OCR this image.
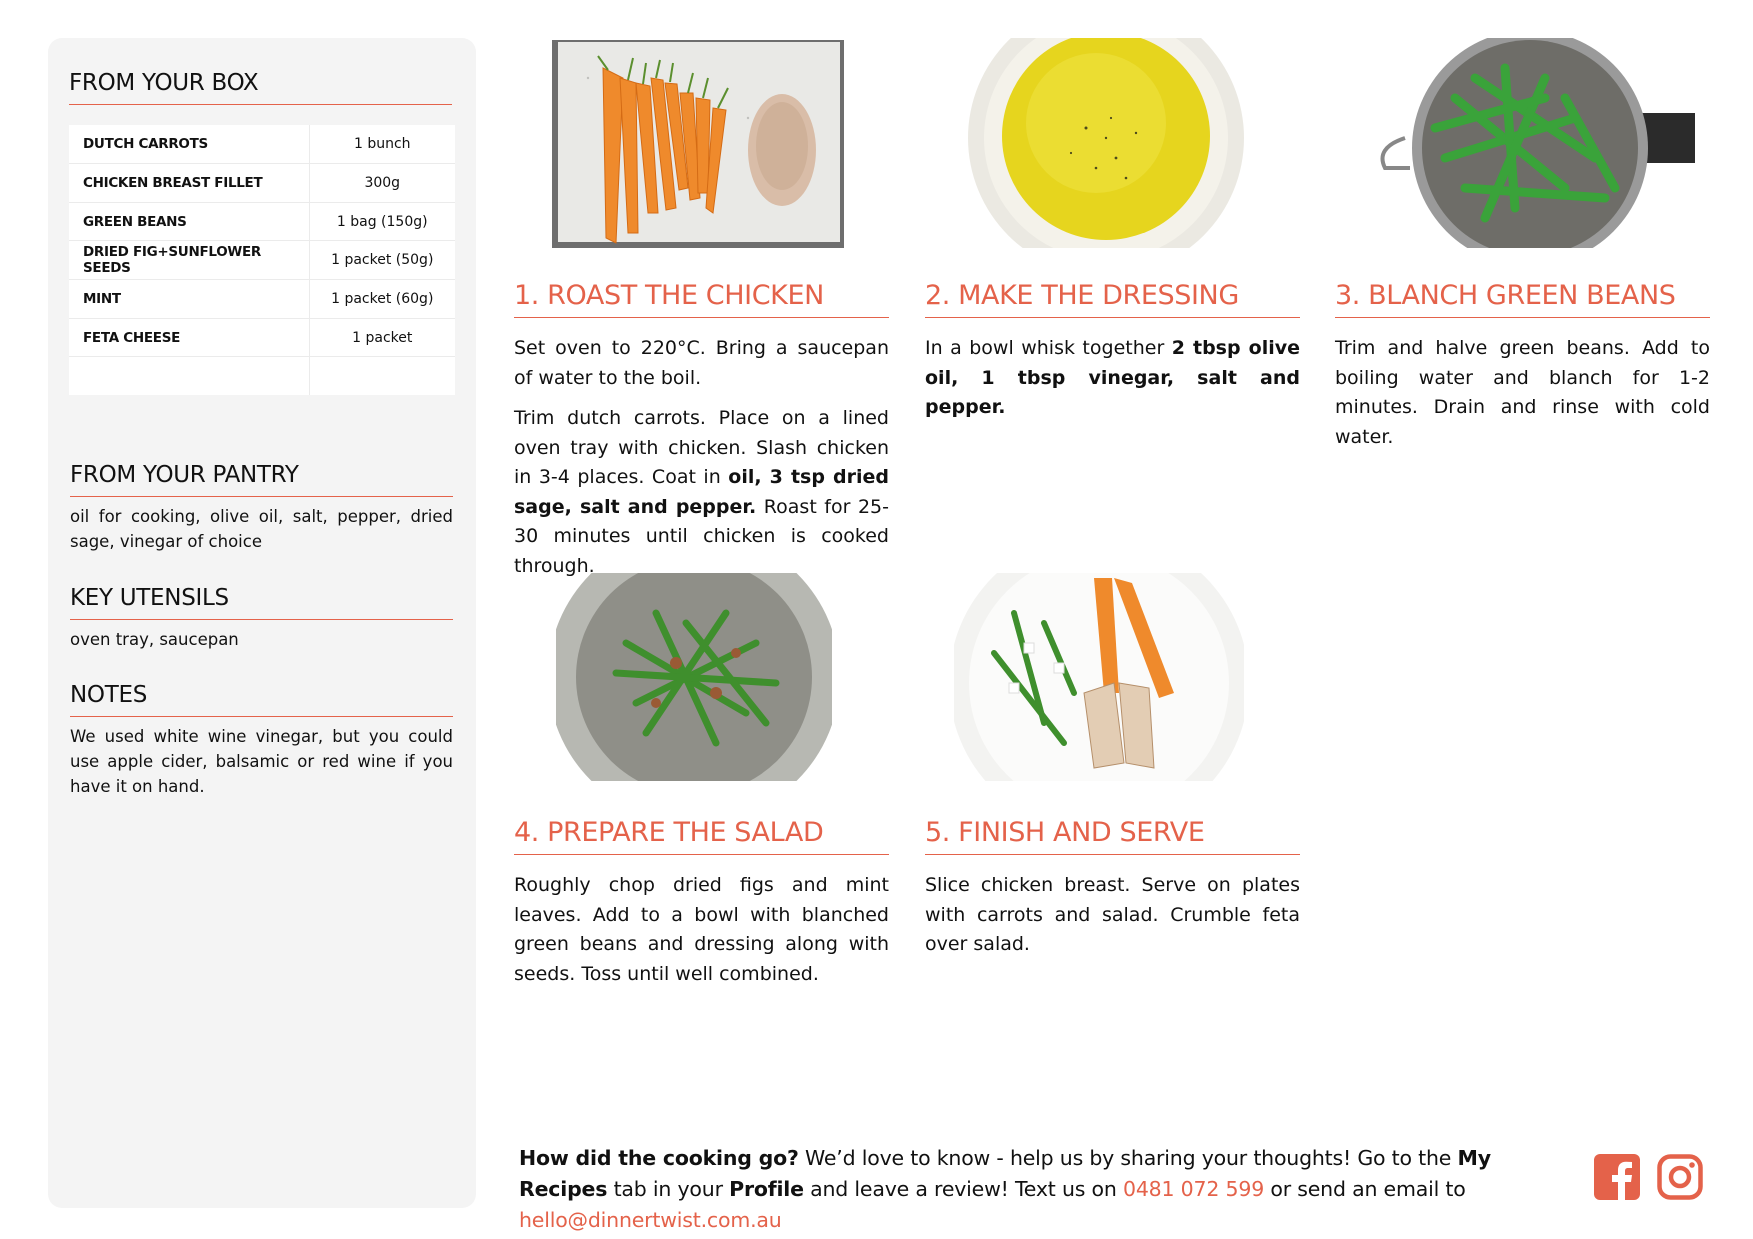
FROM YOUR BOX
DUTCH CARROTS	1 bunch
CHICKEN BREAST FILLET	300g
GREEN BEANS	1 bag (150g)
DRIED FIG+SUNFLOWER SEEDS	1 packet (50g)
MINT	1 packet (60g)
FETA CHEESE	1 packet

FROM YOUR PANTRY
oil for cooking, olive oil, salt, pepper, dried sage, vinegar of choice
KEY UTENSILS
oven tray, saucepan
NOTES
We used white wine vinegar, but you could use apple cider, balsamic or red wine if you have it on hand.
1. ROAST THE CHICKEN

Set oven to 220°C. Bring a saucepan of water to the boil.

Trim dutch carrots. Place on a lined oven tray with chicken. Slash chicken in 3-4 places. Coat in oil, 3 tsp dried sage, salt and pepper. Roast for 25-30 minutes until chicken is cooked through.

2. MAKE THE DRESSING

In a bowl whisk together 2 tbsp olive oil, 1 tbsp vinegar, salt and pepper.

3. BLANCH GREEN BEANS

Trim and halve green beans. Add to boiling water and blanch for 1-2 minutes. Drain and rinse with cold water.

4. PREPARE THE SALAD

Roughly chop dried figs and mint leaves. Add to a bowl with blanched green beans and dressing along with seeds. Toss until well combined.

5. FINISH AND SERVE

Slice chicken breast. Serve on plates with carrots and salad. Crumble feta over salad.

How did the cooking go? We’d love to know - help us by sharing your thoughts! Go to the My Recipes tab in your Profile and leave a review! Text us on 0481 072 599 or send an email to hello@dinnertwist.com.au
